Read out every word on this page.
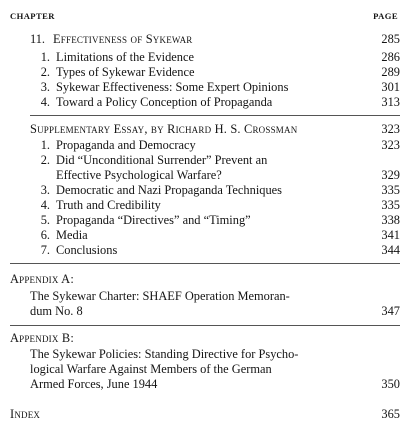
CHAPTER	PAGE
11. Effectiveness of Sykewar	285
1. Limitations of the Evidence	286
2. Types of Sykewar Evidence	289
3. Sykewar Effectiveness: Some Expert Opinions	301
4. Toward a Policy Conception of Propaganda	313
Supplementary Essay, by Richard H. S. Crossman	323
1. Propaganda and Democracy	323
2. Did “Unconditional Surrender” Prevent an
Effective Psychological Warfare?	329
3. Democratic and Nazi Propaganda Techniques	335
4. Truth and Credibility	335
5. Propaganda “Directives” and “Timing”	338
6. Media	341
7. Conclusions	344
Appendix A:
The Sykewar Charter: SHAEF Operation Memoran-
dum No. 8	347
Appendix B:
The Sykewar Policies: Standing Directive for Psycho-
logical Warfare Against Members of the German
Armed Forces, June 1944	350
Index	365
